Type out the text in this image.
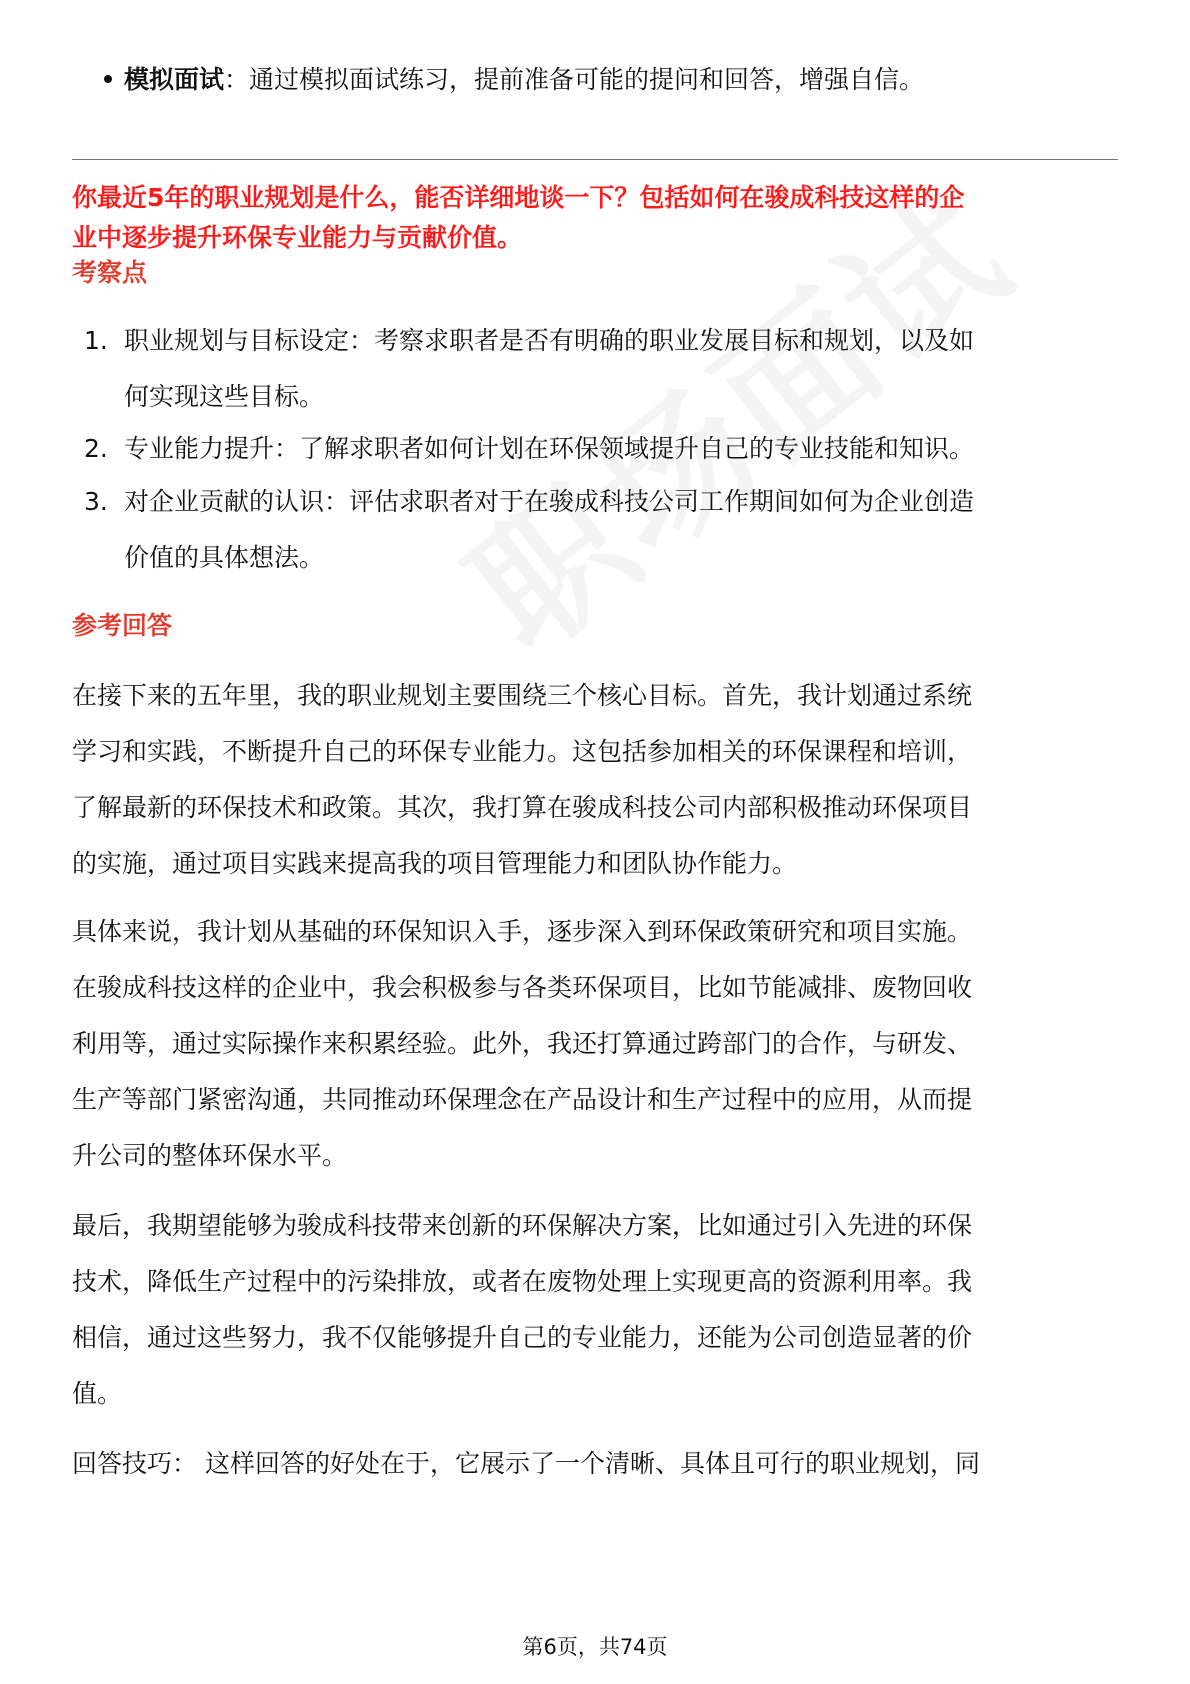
模拟面试：通过模拟面试练习，提前准备可能的提问和回答，增强自信。
你最近5年的职业规划是什么，能否详细地谈一下？包括如何在骏成科技这样的企
业中逐步提升环保专业能力与贡献价值。
考察点
1. 职业规划与目标设定：考察求职者是否有明确的职业发展目标和规划，以及如
何实现这些目标。
2. 专业能力提升：了解求职者如何计划在环保领域提升自己的专业技能和知识。
3. 对企业贡献的认识：评估求职者对于在骏成科技公司工作期间如何为企业创造
价值的具体想法。
参考回答
在接下来的五年里，我的职业规划主要围绕三个核心目标。首先，我计划通过系统
学习和实践，不断提升自己的环保专业能力。这包括参加相关的环保课程和培训，
了解最新的环保技术和政策。其次，我打算在骏成科技公司内部积极推动环保项目
的实施，通过项目实践来提高我的项目管理能力和团队协作能力。
具体来说，我计划从基础的环保知识入手，逐步深入到环保政策研究和项目实施。
在骏成科技这样的企业中，我会积极参与各类环保项目，比如节能减排、废物回收
利用等，通过实际操作来积累经验。此外，我还打算通过跨部门的合作，与研发、
生产等部门紧密沟通，共同推动环保理念在产品设计和生产过程中的应用，从而提
升公司的整体环保水平。
最后，我期望能够为骏成科技带来创新的环保解决方案，比如通过引入先进的环保
技术，降低生产过程中的污染排放，或者在废物处理上实现更高的资源利用率。我
相信，通过这些努力，我不仅能够提升自己的专业能力，还能为公司创造显著的价
值。
回答技巧： 这样回答的好处在于，它展示了一个清晰、具体且可行的职业规划，同
第6页，共74页
